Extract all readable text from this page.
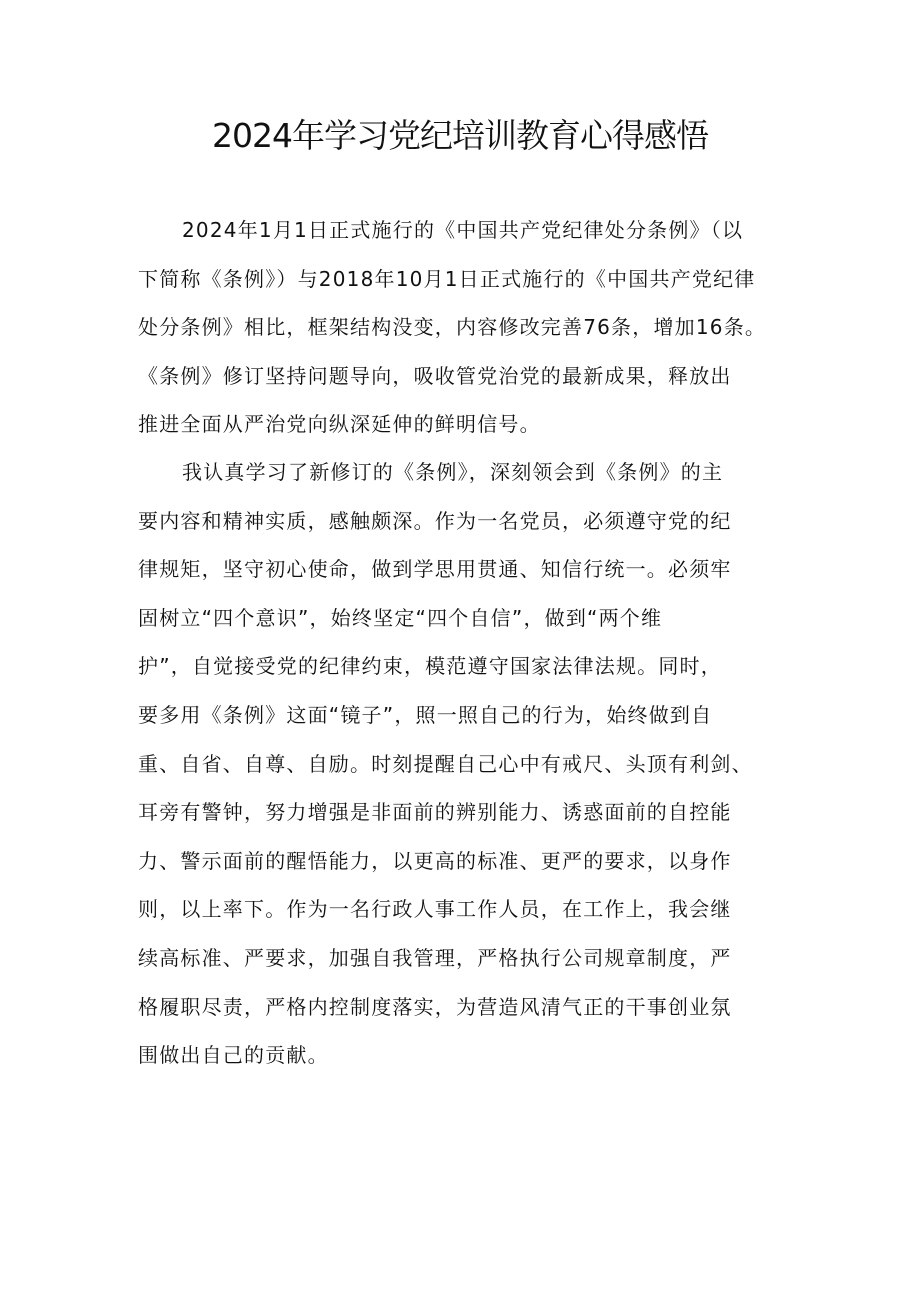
2024年学习党纪培训教育心得感悟
2024年1月1日正式施行的《中国共产党纪律处分条例》（以
下简称《条例》）与2018年10月1日正式施行的《中国共产党纪律
处分条例》相比，框架结构没变，内容修改完善76条，增加16条。
《条例》修订坚持问题导向，吸收管党治党的最新成果，释放出
推进全面从严治党向纵深延伸的鲜明信号。
我认真学习了新修订的《条例》，深刻领会到《条例》的主
要内容和精神实质，感触颇深。作为一名党员，必须遵守党的纪
律规矩，坚守初心使命，做到学思用贯通、知信行统一。必须牢
固树立“四个意识”，始终坚定“四个自信”，做到“两个维
护”，自觉接受党的纪律约束，模范遵守国家法律法规。同时，
要多用《条例》这面“镜子”，照一照自己的行为，始终做到自
重、自省、自尊、自励。时刻提醒自己心中有戒尺、头顶有利剑、
耳旁有警钟，努力增强是非面前的辨别能力、诱惑面前的自控能
力、警示面前的醒悟能力，以更高的标准、更严的要求，以身作
则，以上率下。作为一名行政人事工作人员，在工作上，我会继
续高标准、严要求，加强自我管理，严格执行公司规章制度，严
格履职尽责，严格内控制度落实，为营造风清气正的干事创业氛
围做出自己的贡献。
